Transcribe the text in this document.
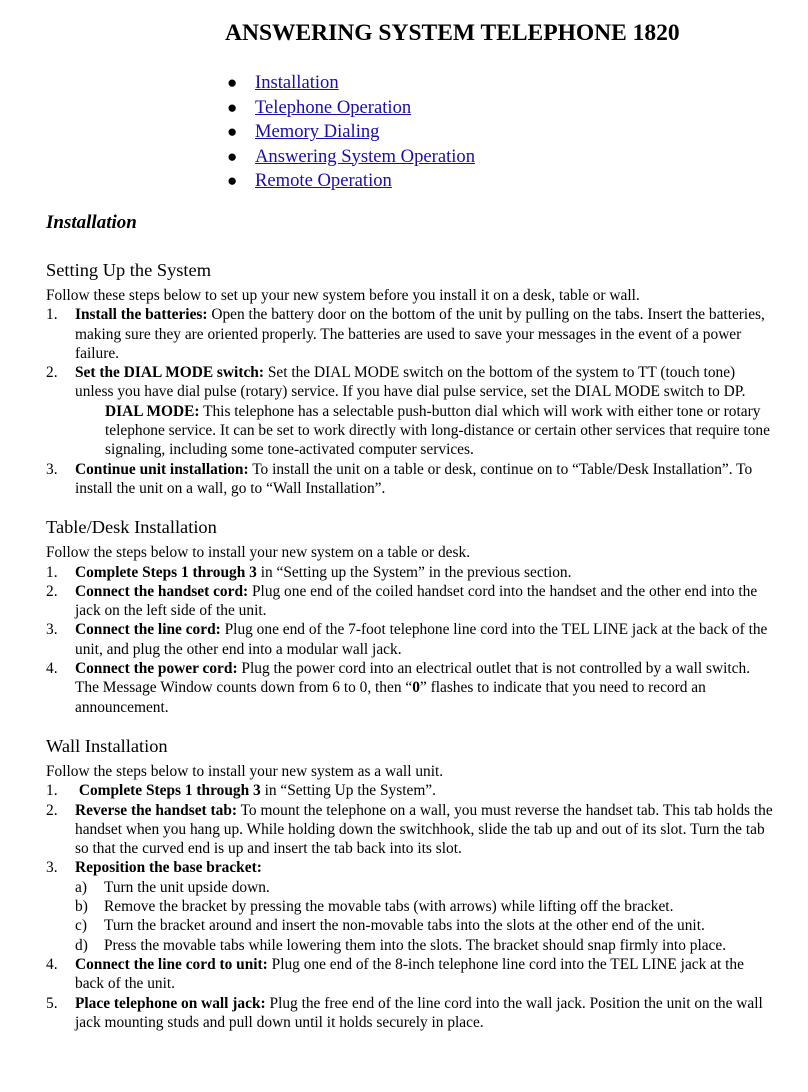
ANSWERING SYSTEM TELEPHONE 1820
● Installation
● Telephone Operation
● Memory Dialing
● Answering System Operation
● Remote Operation
Installation
Setting Up the System

Follow these steps below to set up your new system before you install it on a desk, table or wall.

1. Install the batteries: Open the battery door on the bottom of the unit by pulling on the tabs. Insert the batteries, making sure they are oriented properly. The batteries are used to save your messages in the event of a power failure.
2. Set the DIAL MODE switch: Set the DIAL MODE switch on the bottom of the system to TT (touch tone) unless you have dial pulse (rotary) service. If you have dial pulse service, set the DIAL MODE switch to DP.
DIAL MODE: This telephone has a selectable push-button dial which will work with either tone or rotary telephone service. It can be set to work directly with long-distance or certain other services that require tone signaling, including some tone-activated computer services.
3. Continue unit installation: To install the unit on a table or desk, continue on to “Table/Desk Installation”. To install the unit on a wall, go to “Wall Installation”.
Table/Desk Installation

Follow the steps below to install your new system on a table or desk.

1. Complete Steps 1 through 3 in “Setting up the System” in the previous section.
2. Connect the handset cord: Plug one end of the coiled handset cord into the handset and the other end into the jack on the left side of the unit.
3. Connect the line cord: Plug one end of the 7-foot telephone line cord into the TEL LINE jack at the back of the unit, and plug the other end into a modular wall jack.
4. Connect the power cord: Plug the power cord into an electrical outlet that is not controlled by a wall switch. The Message Window counts down from 6 to 0, then “0” flashes to indicate that you need to record an announcement.
Wall Installation

Follow the steps below to install your new system as a wall unit.

1. Complete Steps 1 through 3 in “Setting Up the System”.
2. Reverse the handset tab: To mount the telephone on a wall, you must reverse the handset tab. This tab holds the handset when you hang up. While holding down the switchhook, slide the tab up and out of its slot. Turn the tab so that the curved end is up and insert the tab back into its slot.
3. Reposition the base bracket:
a) Turn the unit upside down.
b) Remove the bracket by pressing the movable tabs (with arrows) while lifting off the bracket.
c) Turn the bracket around and insert the non-movable tabs into the slots at the other end of the unit.
d) Press the movable tabs while lowering them into the slots. The bracket should snap firmly into place.
4. Connect the line cord to unit: Plug one end of the 8-inch telephone line cord into the TEL LINE jack at the back of the unit.
5. Place telephone on wall jack: Plug the free end of the line cord into the wall jack. Position the unit on the wall jack mounting studs and pull down until it holds securely in place.
